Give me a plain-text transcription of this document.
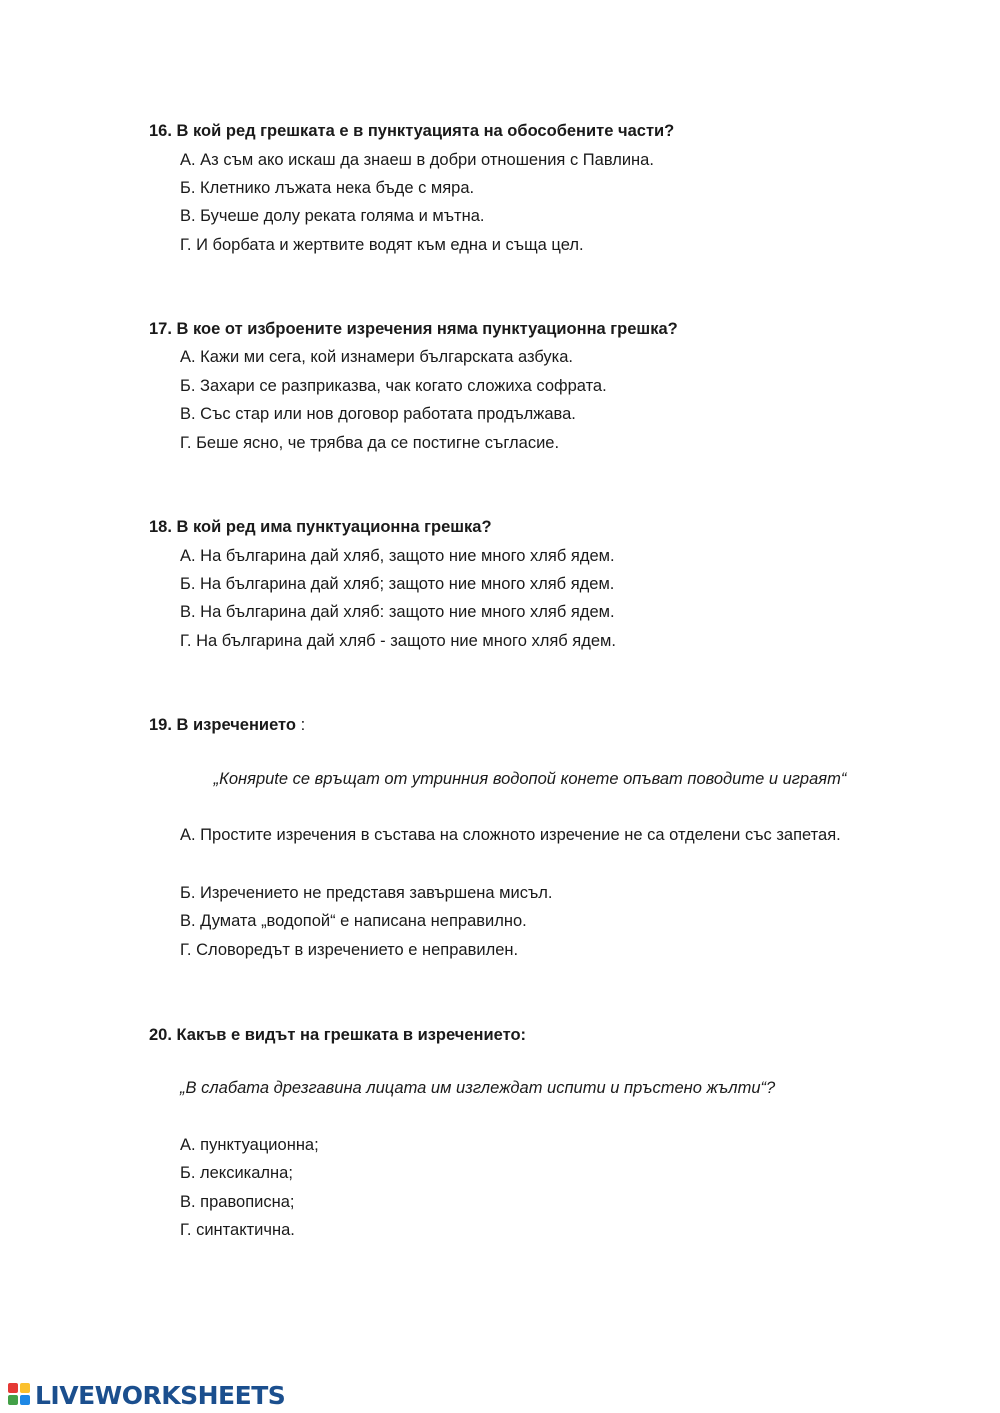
16. В кой ред грешката е в пунктуацията на обособените части?
А. Аз съм ако искаш да знаеш в добри отношения с Павлина.
Б. Клетнико лъжата нека бъде с мяра.
В. Бучеше долу реката голяма и мътна.
Г. И борбата и жертвите водят към една и съща цел.
17. В кое от изброените изречения няма пунктуационна грешка?
А. Кажи ми сега, кой изнамери българската азбука.
Б. Захари се разприказва, чак когато сложиха софрата.
В. Със стар или нов договор работата продължава.
Г. Беше ясно, че трябва да се постигне съгласие.
18. В кой ред има пунктуационна грешка?
А. На българина дай хляб, защото ние много хляб ядем.
Б. На българина дай хляб; защото ние много хляб ядем.
В. На българина дай хляб: защото ние много хляб ядем.
Г. На българина дай хляб - защото ние много хляб ядем.
19. В изречението :
„Коняриte се връщат от утринния водопой конете опъват поводите и играят“
А. Простите изречения в състава на сложното изречение не са отделени със запетая.
Б. Изречението не представя завършена мисъл.
В. Думата „водопой“ е написана неправилно.
Г. Словоредът в изречението е неправилен.
20. Какъв е видът на грешката в изречението:
„В слабата дрезгавина лицата им изглеждат испити и пръстено жълти“?
А. пунктуационна;
Б. лексикална;
В. правописна;
Г. синтактична.
LIVEWORKSHEETS
